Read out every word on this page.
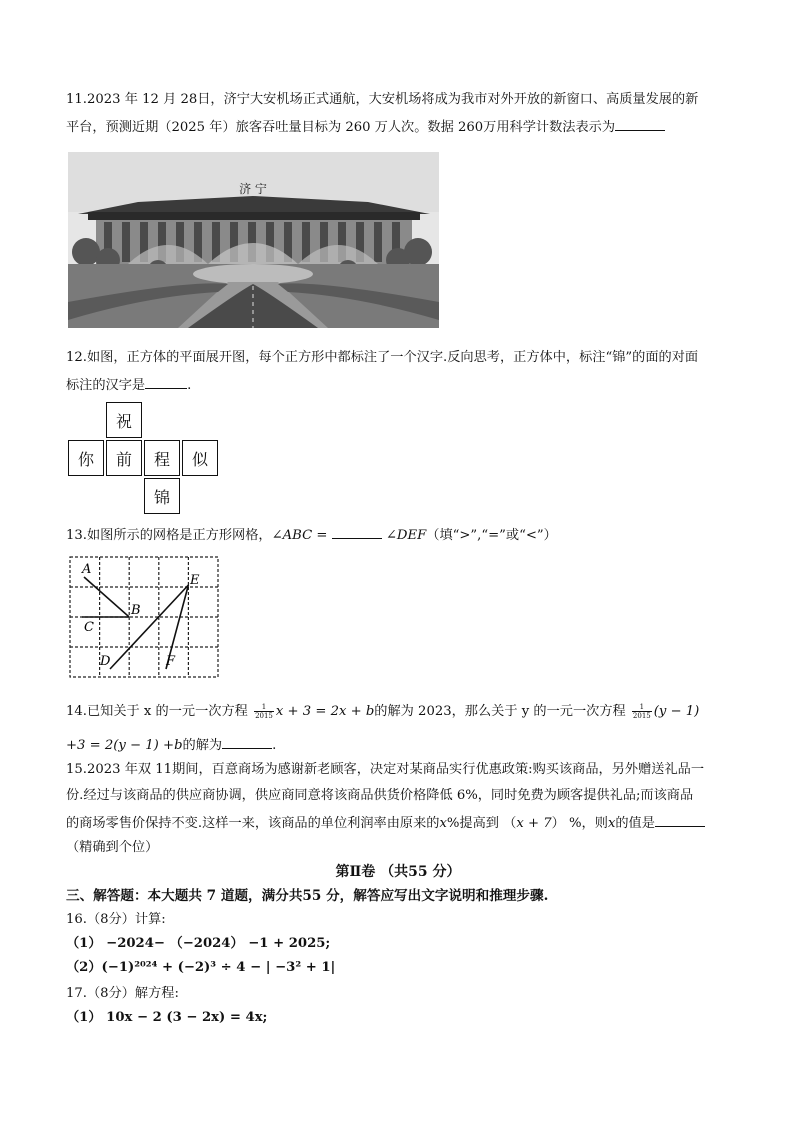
11.2023 年 12 月 28日，济宁大安机场正式通航，大安机场将成为我市对外开放的新窗口、高质量发展的新
平台，预测近期（2025 年）旅客吞吐量目标为 260 万人次。数据 260万用科学计数法表示为
济 宁
12.如图，正方体的平面展开图，每个正方形中都标注了一个汉字.反向思考，正方体中，标注“锦”的面的对面
标注的汉字是	.
祝
你	前	程	似
锦
13.如图所示的网格是正方形网格，∠ABC =	∠DEF（填“>”,“=”或“<”）
A
B
C
D
E
F
14.已知关于 x 的一元一次方程 $\frac{1}{2015}$ x + 3 = 2x + b的解为 2023，那么关于 y 的一元一次方程 $\frac{1}{2015} (y - 1)$
+3 = 2(y − 1) +b的解为	.
15.2023 年双 11期间，百意商场为感谢新老顾客，决定对某商品实行优惠政策:购买该商品，另外赠送礼品一
份.经过与该商品的供应商协调，供应商同意将该商品供货价格降低 6%，同时免费为顾客提供礼品;而该商品
的商场零售价保持不变.这样一来，该商品的单位利润率由原来的x%提高到 （x + 7） %，则x的值是
（精确到个位）
第Ⅱ卷 （共55 分）
三、解答题：本大题共 7 道题，满分共55 分，解答应写出文字说明和推理步骤.
16.（8分）计算:
（1） −2024− （−2024） −1 + 2025;
（2）(−1)²⁰²⁴ + (−2)³ ÷ 4 − | −3² + 1|
17.（8分）解方程:
（1） 10x − 2 (3 − 2x) = 4x;
